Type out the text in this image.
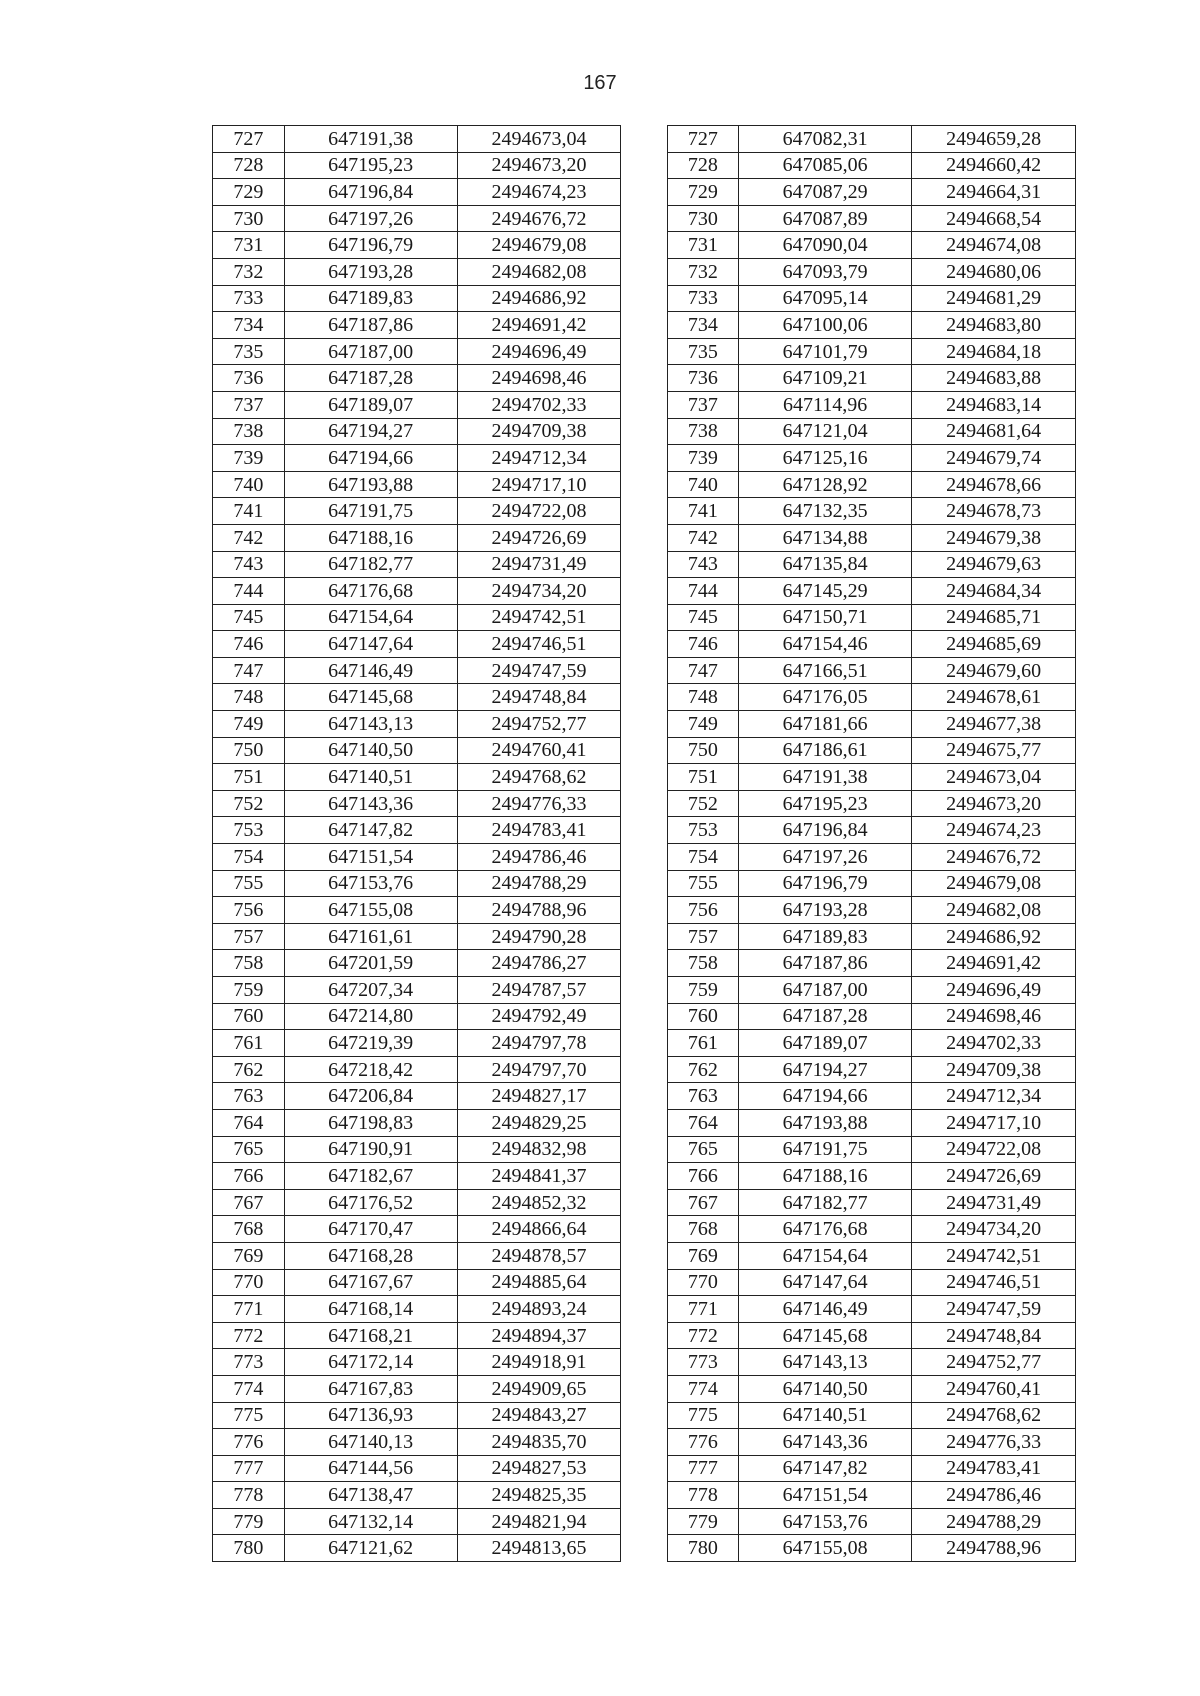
167
727	647191,38	2494673,04		727	647082,31	2494659,28
728	647195,23	2494673,20		728	647085,06	2494660,42
729	647196,84	2494674,23		729	647087,29	2494664,31
730	647197,26	2494676,72		730	647087,89	2494668,54
731	647196,79	2494679,08		731	647090,04	2494674,08
732	647193,28	2494682,08		732	647093,79	2494680,06
733	647189,83	2494686,92		733	647095,14	2494681,29
734	647187,86	2494691,42		734	647100,06	2494683,80
735	647187,00	2494696,49		735	647101,79	2494684,18
736	647187,28	2494698,46		736	647109,21	2494683,88
737	647189,07	2494702,33		737	647114,96	2494683,14
738	647194,27	2494709,38		738	647121,04	2494681,64
739	647194,66	2494712,34		739	647125,16	2494679,74
740	647193,88	2494717,10		740	647128,92	2494678,66
741	647191,75	2494722,08		741	647132,35	2494678,73
742	647188,16	2494726,69		742	647134,88	2494679,38
743	647182,77	2494731,49		743	647135,84	2494679,63
744	647176,68	2494734,20		744	647145,29	2494684,34
745	647154,64	2494742,51		745	647150,71	2494685,71
746	647147,64	2494746,51		746	647154,46	2494685,69
747	647146,49	2494747,59		747	647166,51	2494679,60
748	647145,68	2494748,84		748	647176,05	2494678,61
749	647143,13	2494752,77		749	647181,66	2494677,38
750	647140,50	2494760,41		750	647186,61	2494675,77
751	647140,51	2494768,62		751	647191,38	2494673,04
752	647143,36	2494776,33		752	647195,23	2494673,20
753	647147,82	2494783,41		753	647196,84	2494674,23
754	647151,54	2494786,46		754	647197,26	2494676,72
755	647153,76	2494788,29		755	647196,79	2494679,08
756	647155,08	2494788,96		756	647193,28	2494682,08
757	647161,61	2494790,28		757	647189,83	2494686,92
758	647201,59	2494786,27		758	647187,86	2494691,42
759	647207,34	2494787,57		759	647187,00	2494696,49
760	647214,80	2494792,49		760	647187,28	2494698,46
761	647219,39	2494797,78		761	647189,07	2494702,33
762	647218,42	2494797,70		762	647194,27	2494709,38
763	647206,84	2494827,17		763	647194,66	2494712,34
764	647198,83	2494829,25		764	647193,88	2494717,10
765	647190,91	2494832,98		765	647191,75	2494722,08
766	647182,67	2494841,37		766	647188,16	2494726,69
767	647176,52	2494852,32		767	647182,77	2494731,49
768	647170,47	2494866,64		768	647176,68	2494734,20
769	647168,28	2494878,57		769	647154,64	2494742,51
770	647167,67	2494885,64		770	647147,64	2494746,51
771	647168,14	2494893,24		771	647146,49	2494747,59
772	647168,21	2494894,37		772	647145,68	2494748,84
773	647172,14	2494918,91		773	647143,13	2494752,77
774	647167,83	2494909,65		774	647140,50	2494760,41
775	647136,93	2494843,27		775	647140,51	2494768,62
776	647140,13	2494835,70		776	647143,36	2494776,33
777	647144,56	2494827,53		777	647147,82	2494783,41
778	647138,47	2494825,35		778	647151,54	2494786,46
779	647132,14	2494821,94		779	647153,76	2494788,29
780	647121,62	2494813,65		780	647155,08	2494788,96
